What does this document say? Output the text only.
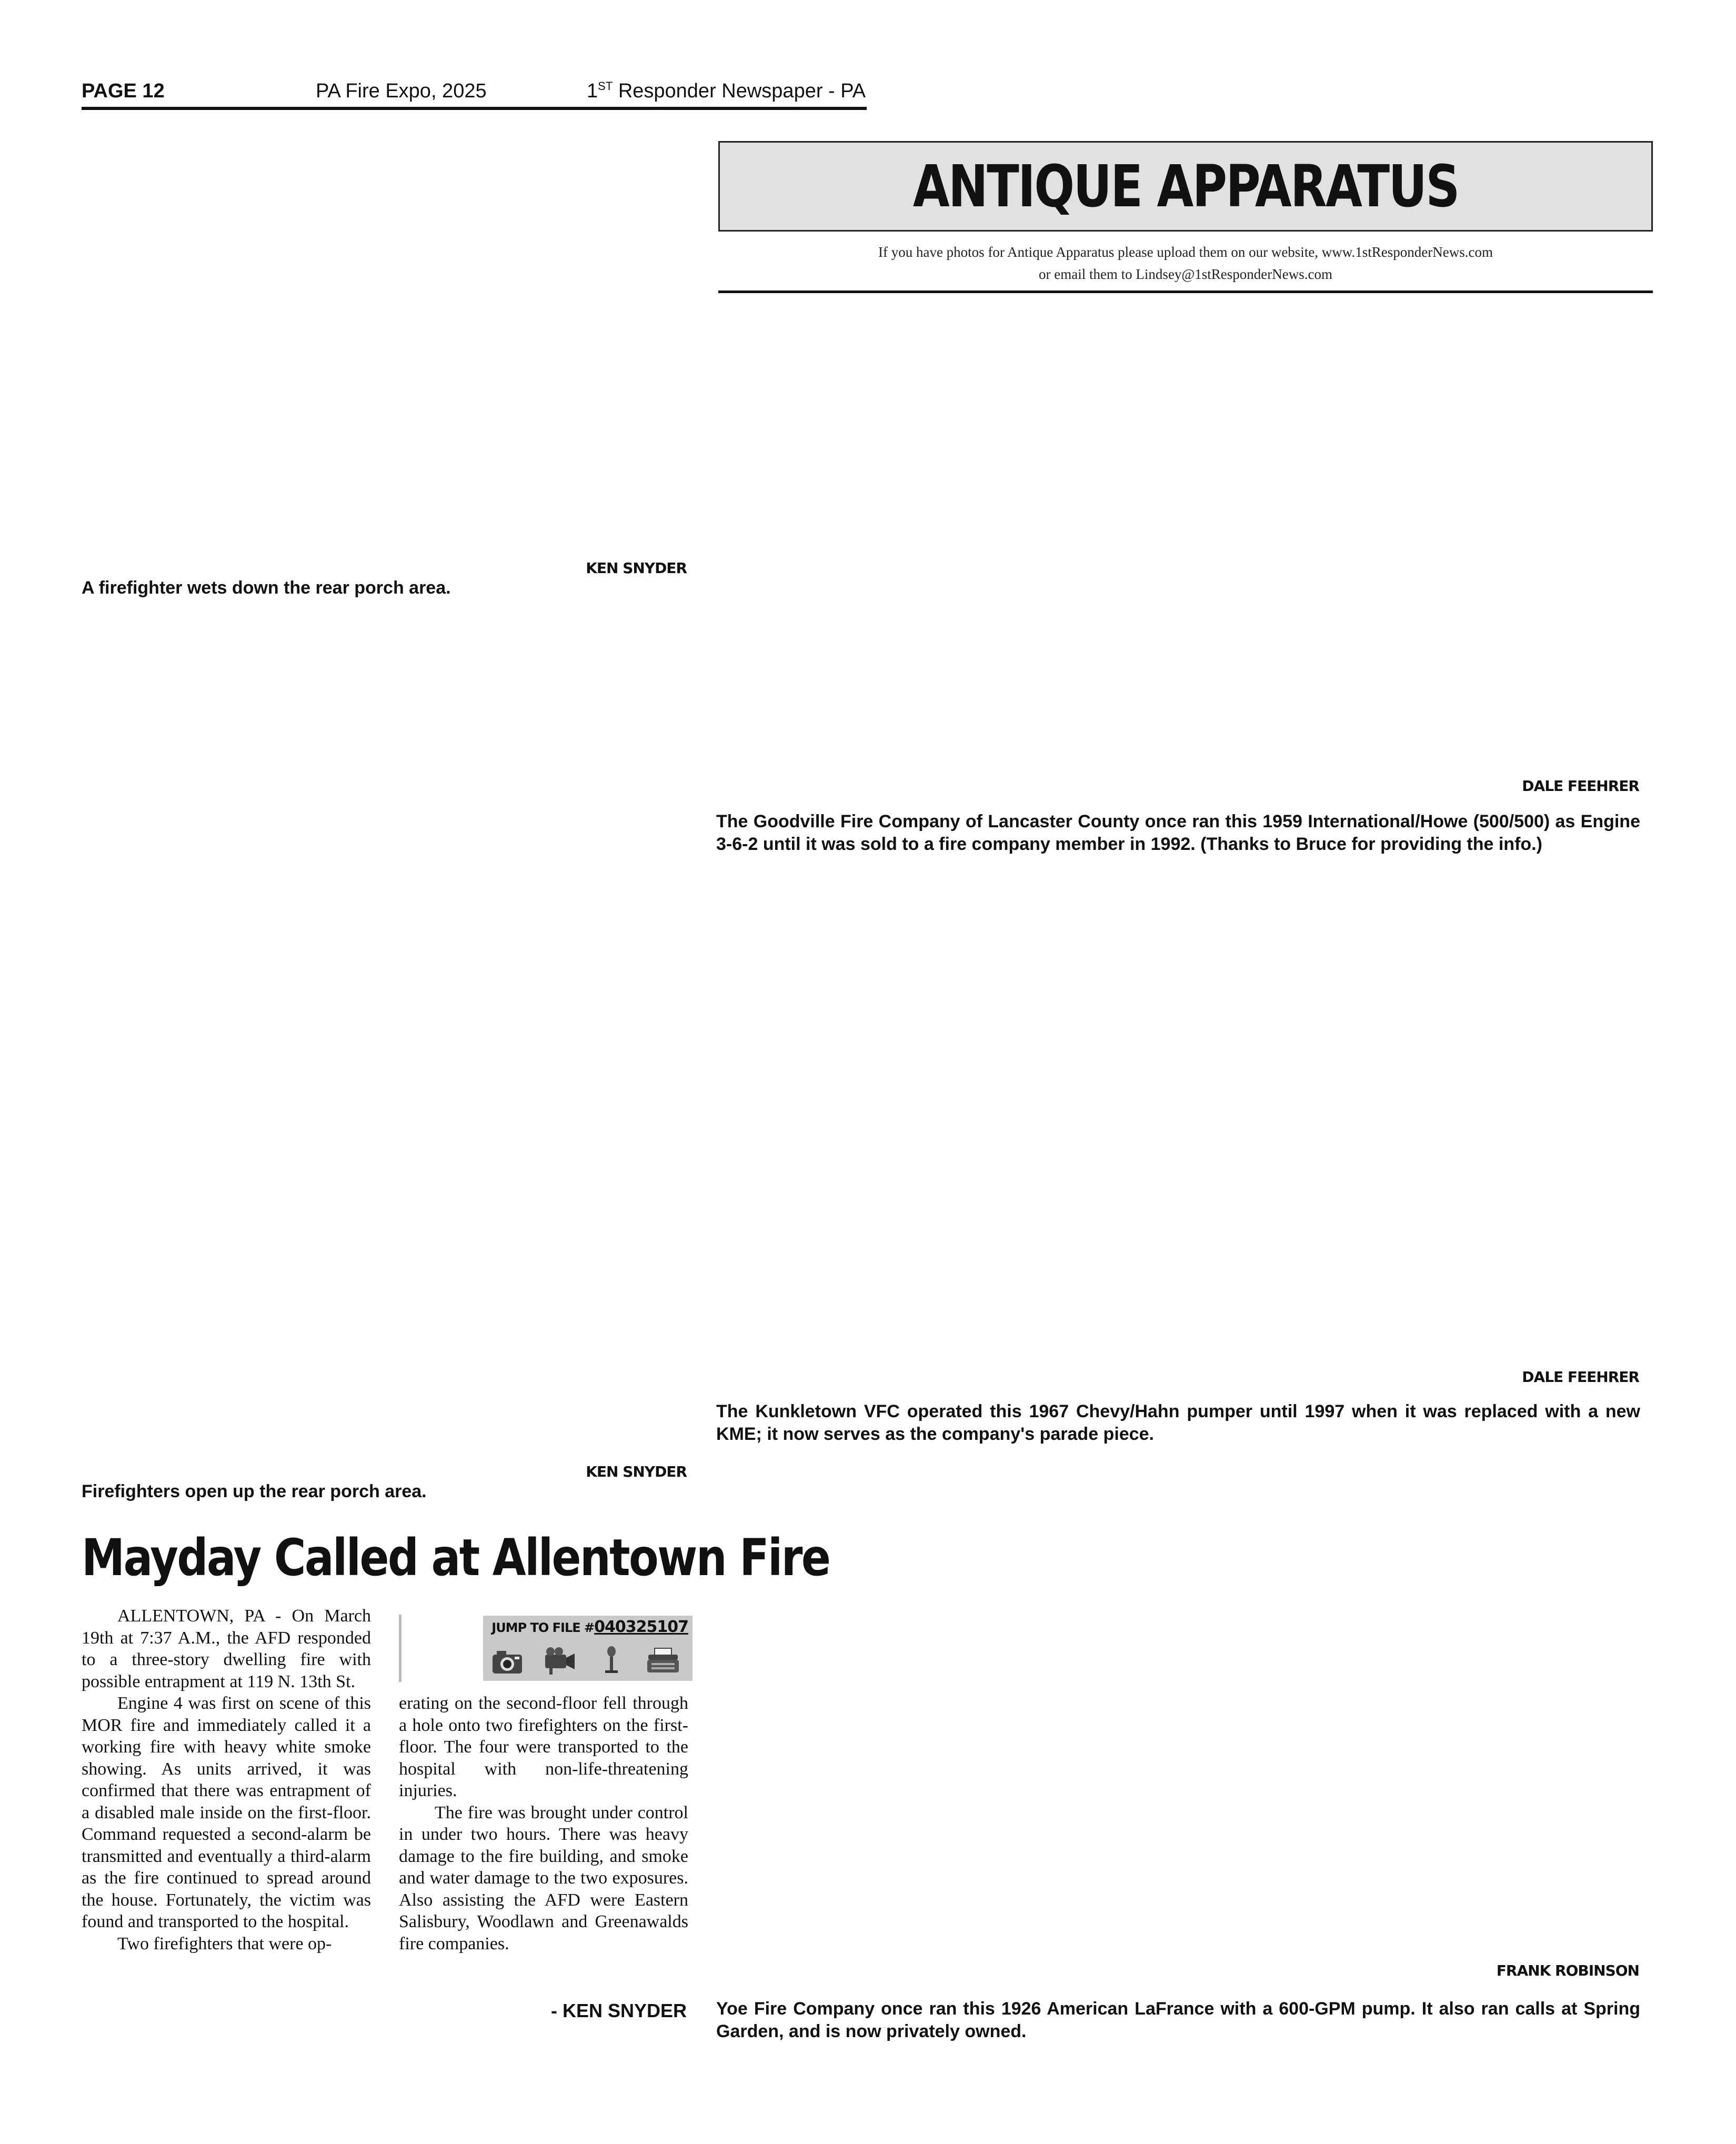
PAGE 12	PA Fire Expo, 2025	1ST Responder Newspaper - PA
ANTIQUE APPARATUS
If you have photos for Antique Apparatus please upload them on our website, www.1stResponderNews.com
or email them to Lindsey@1stResponderNews.com
KEN SNYDER
A firefighter wets down the rear porch area.
KEN SNYDER
Firefighters open up the rear porch area.
DALE FEEHRER
The Goodville Fire Company of Lancaster County once ran this 1959 International/Howe (500/500) as Engine 3-6-2 until it was sold to a fire company member in 1992. (Thanks to Bruce for providing the info.)
DALE FEEHRER
The Kunkletown VFC operated this 1967 Chevy/Hahn pumper until 1997 when it was replaced with a new KME; it now serves as the company's parade piece.
FRANK ROBINSON
Yoe Fire Company once ran this 1926 American LaFrance with a 600-GPM pump. It also ran calls at Spring Garden, and is now privately owned.
Mayday Called at Allentown Fire

ALLENTOWN, PA - On March 19th at 7:37 A.M., the AFD responded to a three-story dwelling fire with possible entrapment at 119 N. 13th St.

Engine 4 was first on scene of this MOR fire and immediately called it a working fire with heavy white smoke showing. As units arrived, it was confirmed that there was entrapment of a disabled male inside on the first-floor. Command requested a second-alarm be transmitted and eventually a third-alarm as the fire continued to spread around the house. Fortunately, the victim was found and transported to the hospital.

Two firefighters that were op-

JUMP TO FILE #040325107

erating on the second-floor fell through a hole onto two firefighters on the first-floor. The four were transported to the hospital with non-life-threatening injuries.

The fire was brought under control in under two hours. There was heavy damage to the fire building, and smoke and water damage to the two exposures. Also assisting the AFD were Eastern Salisbury, Woodlawn and Greenawalds fire companies.

- KEN SNYDER
